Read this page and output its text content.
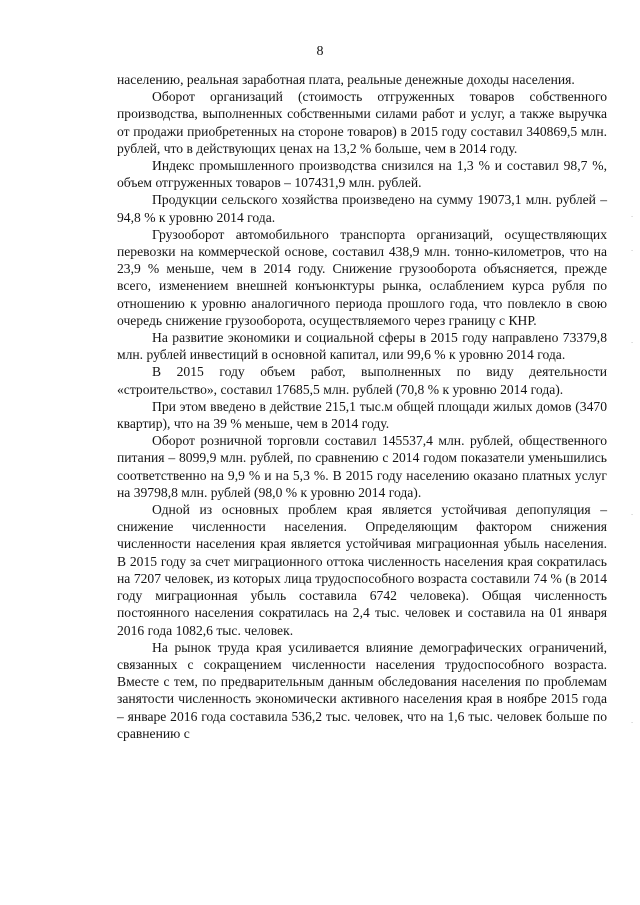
8

населению, реальная заработная плата, реальные денежные доходы населения.

Оборот организаций (стоимость отгруженных товаров собственного производства, выполненных собственными силами работ и услуг, а также выручка от продажи приобретенных на стороне товаров) в 2015 году составил 340869,5 млн. рублей, что в действующих ценах на 13,2 % больше, чем в 2014 году.

Индекс промышленного производства снизился на 1,3 % и составил 98,7 %, объем отгруженных товаров – 107431,9 млн. рублей.

Продукции сельского хозяйства произведено на сумму 19073,1 млн. рублей – 94,8 % к уровню 2014 года.

Грузооборот автомобильного транспорта организаций, осуществляющих перевозки на коммерческой основе, составил 438,9 млн. тонно-километров, что на 23,9 % меньше, чем в 2014 году. Снижение грузооборота объясняется, прежде всего, изменением внешней конъюнктуры рынка, ослаблением курса рубля по отношению к уровню аналогичного периода прошлого года, что повлекло в свою очередь снижение грузооборота, осуществляемого через границу с КНР.

На развитие экономики и социальной сферы в 2015 году направлено 73379,8 млн. рублей инвестиций в основной капитал, или 99,6 % к уровню 2014 года.

В 2015 году объем работ, выполненных по виду деятельности «строительство», составил 17685,5 млн. рублей (70,8 % к уровню 2014 года).

При этом введено в действие 215,1 тыс.м общей площади жилых домов (3470 квартир), что на 39 % меньше, чем в 2014 году.

Оборот розничной торговли составил 145537,4 млн. рублей, общественного питания – 8099,9 млн. рублей, по сравнению с 2014 годом показатели уменьшились соответственно на 9,9 % и на 5,3 %. В 2015 году населению оказано платных услуг на 39798,8 млн. рублей (98,0 % к уровню 2014 года).

Одной из основных проблем края является устойчивая депопуляция – снижение численности населения. Определяющим фактором снижения численности населения края является устойчивая миграционная убыль населения. В 2015 году за счет миграционного оттока численность населения края сократилась на 7207 человек, из которых лица трудоспособного возраста составили 74 % (в 2014 году миграционная убыль составила 6742 человека). Общая численность постоянного населения сократилась на 2,4 тыс. человек и составила на 01 января 2016 года 1082,6 тыс. человек.

На рынок труда края усиливается влияние демографических ограничений, связанных с сокращением численности населения трудоспособного возраста. Вместе с тем, по предварительным данным обследования населения по проблемам занятости численность экономически активного населения края в ноябре 2015 года – январе 2016 года составила 536,2 тыс. человек, что на 1,6 тыс. человек больше по сравнению с

·
·
·
·
·
